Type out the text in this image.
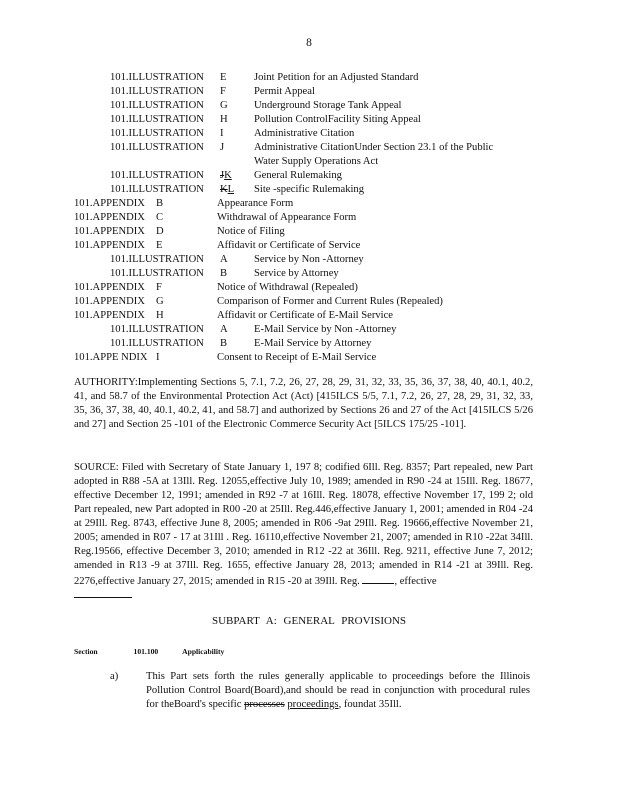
8
101.ILLUSTRATION E	Joint Petition for an Adjusted Standard
101.ILLUSTRATION F	Permit Appeal
101.ILLUSTRATION G Underground Storage Tank Appeal
101.ILLUSTRATION H Pollution ControlFacility Siting Appeal
101.ILLUSTRATION I	Administrative Citation
101.ILLUSTRATION J	Administrative CitationUnder Section 23.1 of the Public
Water Supply Operations Act
101.ILLUSTRATION JK General Rulemaking
101.ILLUSTRATION KL Site -specific Rulemaking
101.APPENDIX B	Appearance Form
101.APPENDIX C	Withdrawal of Appearance Form
101.APPENDIX D	Notice of Filing
101.APPENDIX E	Affidavit or Certificate of Service
101.ILLUSTRATION A Service by Non -Attorney
101.ILLUSTRATION B	Service by Attorney
101.APPENDIX F	Notice of Withdrawal (Repealed)
101.APPENDIX G	Comparison of Former and Current Rules (Repealed)
101.APPENDIX H	Affidavit or Certificate of E-Mail Service
101.ILLUSTRATION A E-Mail Service by Non -Attorney
101.ILLUSTRATION B	E-Mail Service by Attorney
101.APPE NDIX I	Consent to Receipt of E-Mail Service
AUTHORITY:Implementing Sections 5, 7.1, 7.2, 26, 27, 28, 29, 31, 32, 33, 35, 36, 37, 38, 40, 40.1, 40.2, 41, and 58.7 of the Environmental Protection Act (Act) [415ILCS 5/5, 7.1, 7.2, 26, 27, 28, 29, 31, 32, 33, 35, 36, 37, 38, 40, 40.1, 40.2, 41, and 58.7] and authorized by Sections 26 and 27 of the Act [415ILCS 5/26 and 27] and Section 25 -101 of the Electronic Commerce Security Act [5ILCS 175/25 -101].
SOURCE: Filed with Secretary of State January 1, 197 8; codified 6Ill. Reg. 8357; Part repealed, new Part adopted in R88 -5A at 13Ill. Reg. 12055,effective July 10, 1989; amended in R90 -24 at 15Ill. Reg. 18677, effective December 12, 1991; amended in R92 -7 at 16Ill. Reg. 18078, effective November 17, 199 2; old Part repealed, new Part adopted in R00 -20 at 25Ill. Reg.446,effective January 1, 2001; amended in R04 -24 at 29Ill. Reg. 8743, effective June 8, 2005; amended in R06 -9at 29Ill. Reg. 19666,effective November 21, 2005; amended in R07 - 17 at 31Ill . Reg. 16110,effective November 21, 2007; amended in R10 -22at 34Ill. Reg.19566, effective December 3, 2010; amended in R12 -22 at 36Ill. Reg. 9211, effective June 7, 2012; amended in R13 -9 at 37Ill. Reg. 1655, effective January 28, 2013; amended in R14 -21 at 39Ill. Reg. 2276,effective January 27, 2015; amended in R15 -20 at 39Ill. Reg.	, effective
SUBPART A: GENERAL PROVISIONS
Section	101.100	Applicability
a)	This Part sets forth the rules generally applicable to proceedings before the Illinois Pollution Control Board(Board),and should be read in conjunction with procedural rules for theBoard's specific processes proceedings, foundat 35Ill.
